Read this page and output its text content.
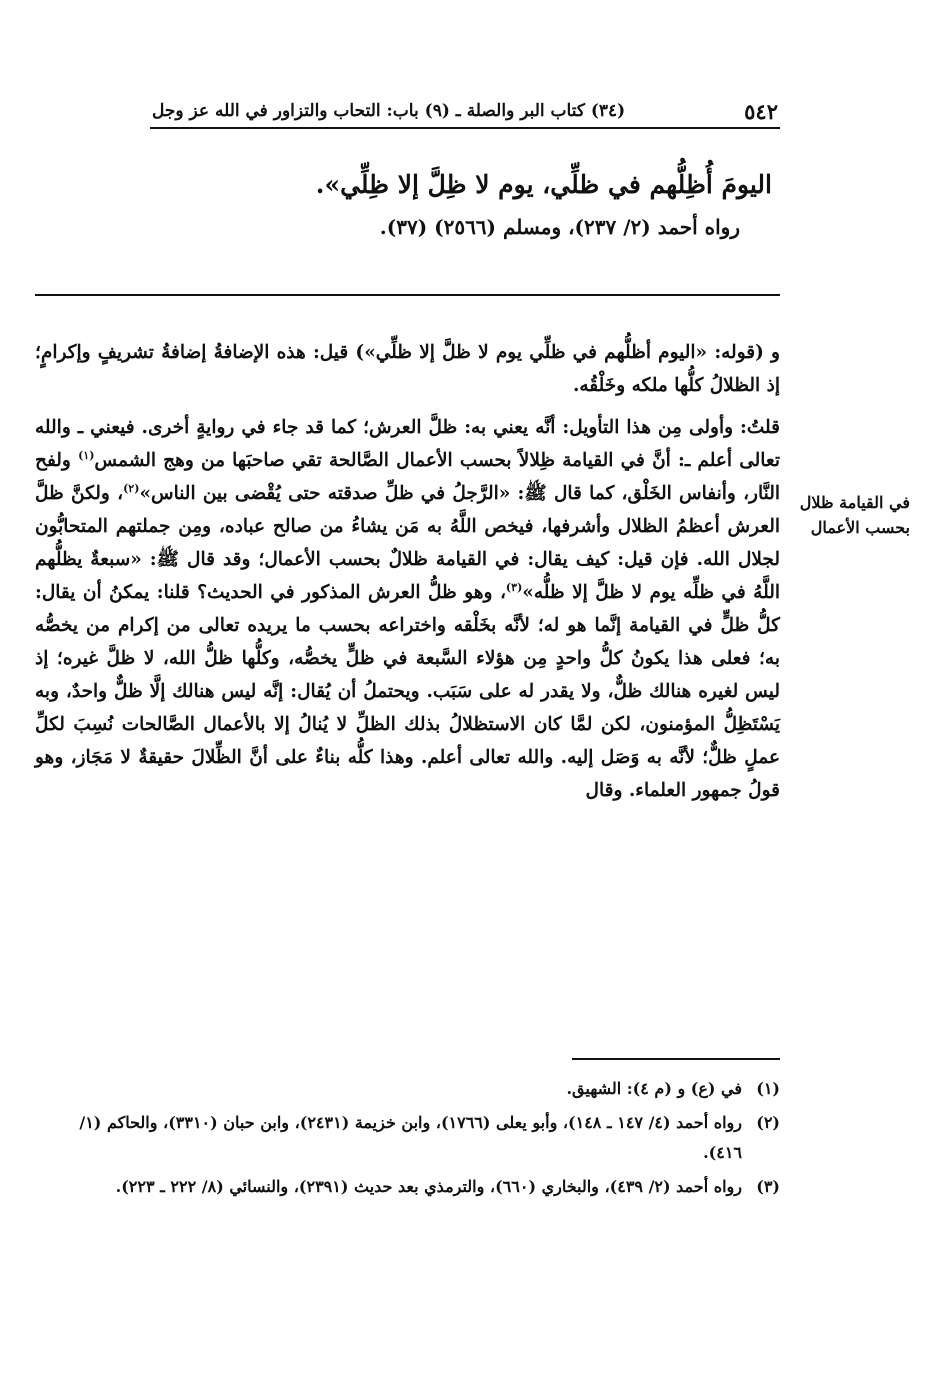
٥٤٢
(٣٤) كتاب البر والصلة ـ (٩) باب: التحاب والتزاور في الله عز وجل
اليومَ أُظِلُّهم في ظلِّي، يوم لا ظِلَّ إلا ظِلِّي».
رواه أحمد (٢/ ٢٣٧)، ومسلم (٢٥٦٦) (٣٧).

و (قوله: «اليوم أظلُّهم في ظلِّي يوم لا ظلَّ إلا ظلِّي») قيل: هذه الإضافةُ إضافةُ تشريفٍ وإكرامٍ؛ إذ الظلالُ كلُّها ملكه وخَلْقُه.

قلتُ: وأولى مِن هذا التأويل: أنَّه يعني به: ظلَّ العرش؛ كما قد جاء في روايةٍ أخرى. فيعني ـ والله تعالى أعلم ـ: أنَّ في القيامة ظِلالاً بحسب الأعمال الصَّالحة تقي صاحبَها من وهج الشمس$^{(١)}$ ولفح النَّار، وأنفاس الخَلْق، كما قال ﷺ: «الرَّجلُ في ظلِّ صدقته حتى يُقْضى بين الناس»$^{(٢)}$، ولكنَّ ظلَّ العرش أعظمُ الظلال وأشرفها، فيخص اللَّهُ به مَن يشاءُ من صالح عباده، ومِن جملتهم المتحابُّون لجلال الله. فإن قيل: كيف يقال: في القيامة ظلالٌ بحسب الأعمال؛ وقد قال ﷺ: «سبعةٌ يظلُّهم اللَّهُ في ظلِّه يوم لا ظلَّ إلا ظلُّه»$^{(٣)}$، وهو ظلُّ العرش المذكور في الحديث؟ قلنا: يمكنُ أن يقال: كلُّ ظلٍّ في القيامة إنَّما هو له؛ لأنَّه بخَلْقه واختراعه بحسب ما يريده تعالى من إكرام من يخصُّه به؛ فعلى هذا يكونُ كلُّ واحدٍ مِن هؤلاء السَّبعة في ظلٍّ يخصُّه، وكلُّها ظلُّ الله، لا ظلَّ غيره؛ إذ ليس لغيره هنالك ظلٌّ، ولا يقدر له على سَبَب. ويحتملُ أن يُقال: إنَّه ليس هنالك إلَّا ظلٌّ واحدٌ، وبه يَسْتَظِلُّ المؤمنون، لكن لمَّا كان الاستظلالُ بذلك الظلِّ لا يُنالُ إلا بالأعمال الصَّالحات نُسِبَ لكلِّ عملٍ ظلٌّ؛ لأنَّه به وَصَل إليه. والله تعالى أعلم. وهذا كلُّه بناءٌ على أنَّ الظِّلالَ حقيقةٌ لا مَجَاز، وهو قولُ جمهور العلماء. وقال

في القيامة ظلال بحسب الأعمال
(١)في (ع) و (م ٤): الشهيق.
(٢)رواه أحمد (٤/ ١٤٧ ـ ١٤٨)، وأبو يعلى (١٧٦٦)، وابن خزيمة (٢٤٣١)، وابن حبان (٣٣١٠)، والحاكم (١/ ٤١٦).
(٣)رواه أحمد (٢/ ٤٣٩)، والبخاري (٦٦٠)، والترمذي بعد حديث (٢٣٩١)، والنسائي (٨/ ٢٢٢ ـ ٢٢٣).
